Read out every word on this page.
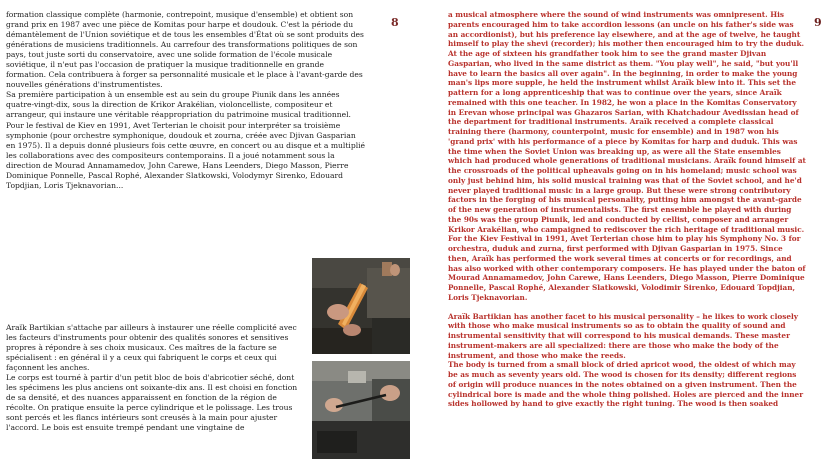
formation classique complète (harmonie, contrepoint, musique d'ensemble) et obtient son grand prix en 1987 avec une pièce de Komitas pour harpe et doudouk. C'est la période du démantèlement de l'Union soviétique et de tous les ensembles d'État où se sont produits des générations de musiciens traditionnels. Au carrefour des transformations politiques de son pays, tout juste sorti du conservatoire, avec une solide formation de l'école musicale soviétique, il n'eut pas l'occasion de pratiquer la musique traditionnelle en grande formation. Cela contribuera à forger sa personnalité musicale et le place à l'avant-garde des nouvelles générations d'instrumentistes.

Sa première participation à un ensemble est au sein du groupe Piunik dans les années quatre-vingt-dix, sous la direction de Krikor Arakélian, violoncelliste, compositeur et arrangeur, qui instaure une véritable réappropriation du patrimoine musical traditionnel.

Pour le festival de Kiev en 1991, Avet Terterian le choisit pour interpréter sa troisième symphonie (pour orchestre symphonique, doudouk et zourna, créée avec Djivan Gasparian en 1975). Il a depuis donné plusieurs fois cette œuvre, en concert ou au disque et a multiplié les collaborations avec des compositeurs contemporains. Il a joué notamment sous la direction de Mourad Annamamedov, John Carewe, Hans Leenders, Diego Masson, Pierre Dominique Ponnelle, Pascal Rophé, Alexander Slatkowski, Volodymyr Sirenko, Edouard Topdjian, Loris Tjeknavorian...

Araïk Bartikian s'attache par ailleurs à instaurer une réelle complicité avec les facteurs d'instruments pour obtenir des qualités sonores et sensitives propres à répondre à ses choix musicaux. Ces maîtres de la facture se spécialisent : en général il y a ceux qui fabriquent le corps et ceux qui façonnent les anches.

Le corps est tourné à partir d'un petit bloc de bois d'abricotier séché, dont les spécimens les plus anciens ont soixante-dix ans. Il est choisi en fonction de sa densité, et des nuances apparaissent en fonction de la région de récolte. On pratique ensuite la perce cylindrique et le polissage. Les trous sont percés et les flancs intérieurs sont creusés à la main pour ajuster l'accord. Le bois est ensuite trempé pendant une vingtaine de

8

a musical atmosphere where the sound of wind instruments was omnipresent. His parents encouraged him to take accordion lessons (an uncle on his father's side was an accordionist), but his preference lay elsewhere, and at the age of twelve, he taught himself to play the shevi (recorder); his mother then encouraged him to try the duduk. At the age of sixteen his grandfather took him to see the grand master Djivan Gasparian, who lived in the same district as them. "You play well", he said, "but you'll have to learn the basics all over again". In the beginning, in order to make the young man's lips more supple, he held the instrument whilst Araïk blew into it. This set the pattern for a long apprenticeship that was to continue over the years, since Araïk remained with this one teacher. In 1982, he won a place in the Komitas Conservatory in Erevan whose principal was Ghazaros Sarian, with Khatchadour Avedissian head of the department for traditional instruments. Araïk received a complete classical training there (harmony, counterpoint, music for ensemble) and in 1987 won his 'grand prix' with his performance of a piece by Komitas for harp and duduk. This was the time when the Soviet Union was breaking up, as were all the State ensembles which had produced whole generations of traditional musicians. Araïk found himself at the crossroads of the political upheavals going on in his homeland; music school was only just behind him, his solid musical training was that of the Soviet school, and he'd never played traditional music in a large group. But these were strong contributory factors in the forging of his musical personality, putting him amongst the avant-garde of the new generation of instrumentalists. The first ensemble he played with during the 90s was the group Piunik, led and conducted by cellist, composer and arranger Krikor Arakélian, who campaigned to rediscover the rich heritage of traditional music.

For the Kiev Festival in 1991, Avet Terterian chose him to play his Symphony No. 3 for orchestra, duduk and zurna, first performed with Djivan Gasparian in 1975. Since then, Araïk has performed the work several times at concerts or for recordings, and has also worked with other contemporary composers. He has played under the baton of Mourad Annamamedov, John Carewe, Hans Leenders, Diego Masson, Pierre Dominique Ponnelle, Pascal Rophé, Alexander Slatkowski, Volodimir Sirenko, Edouard Topdjian, Loris Tjeknavorian.

Araïk Bartikian has another facet to his musical personality – he likes to work closely with those who make musical instruments so as to obtain the quality of sound and instrumental sensitivity that will correspond to his musical demands. These master instrument-makers are all specialized: there are those who make the body of the instrument, and those who make the reeds.

The body is turned from a small block of dried apricot wood, the oldest of which may be as much as seventy years old. The wood is chosen for its density; different regions of origin will produce nuances in the notes obtained on a given instrument. Then the cylindrical bore is made and the whole thing polished. Holes are pierced and the inner sides hollowed by hand to give exactly the right tuning. The wood is then soaked

9
